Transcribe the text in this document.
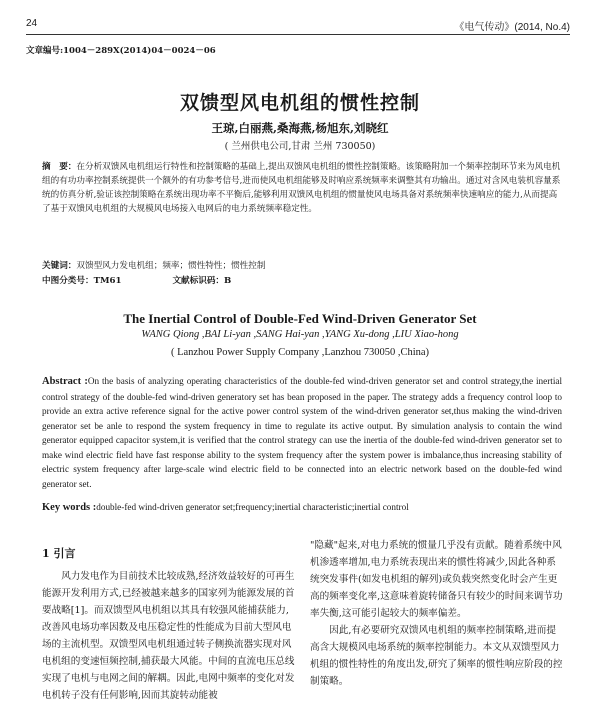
24	《电气传动》(2014, No.4)
文章编号:1004－289X(2014)04－0024－06
双馈型风电机组的惯性控制
王琼,白丽燕,桑海燕,杨旭东,刘晓红
( 兰州供电公司,甘肃 兰州 730050)
摘　要：在分析双馈风电机组运行特性和控制策略的基础上,提出双馈风电机组的惯性控制策略。该策略附加一个频率控制环节来为风电机组的有功功率控制系统提供一个额外的有功参考信号,进而使风电机组能够及时响应系统频率来调整其有功输出。通过对含风电装机容量系统的仿真分析,验证该控制策略在系统出现功率不平衡后,能够利用双馈风电机组的惯量使风电场具备对系统频率快速响应的能力,从而提高了基于双馈风电机组的大规模风电场接入电网后的电力系统频率稳定性。
关键词：双馈型风力发电机组；频率；惯性特性；惯性控制
中图分类号：TM61	文献标识码：B
The Inertial Control of Double-Fed Wind-Driven Generator Set
WANG Qiong ,BAI Li-yan ,SANG Hai-yan ,YANG Xu-dong ,LIU Xiao-hong
( Lanzhou Power Supply Company ,Lanzhou 730050 ,China)
Abstract :On the basis of analyzing operating characteristics of the double-fed wind-driven generator set and control strategy,the inertial control strategy of the double-fed wind-driven generatory set has bean proposed in the paper. The strategy adds a frequency control loop to provide an extra active reference signal for the active power control system of the wind-driven generator set,thus making the wind-driven generator set be anle to respond the system frequency in time to regulate its active output. By simulation analysis to contain the wind generator equipped capacitor system,it is verified that the control strategy can use the inertia of the double-fed wind-driven generator set to make wind electric field have fast response ability to the system frequency after the system power is imbalance,thus increasing stability of electric system frequency after large-scale wind electric field to be connected into an electric network based on the double-fed wind generator set.
Key words :double-fed wind-driven generator set;frequency;inertial characteristic;inertial control
1 引言

风力发电作为目前技术比较成熟,经济效益较好的可再生能源开发利用方式,已经被越来越多的国家列为能源发展的首要战略[1]。而双馈型风电机组以其具有较强风能捕获能力,改善风电场功率因数及电压稳定性的性能成为目前大型风电场的主流机型。双馈型风电机组通过转子侧换流器实现对风电机组的变速恒频控制,捕获最大风能。中间的直流电压总线实现了电机与电网之间的解耦。因此,电网中频率的变化对发电机转子没有任何影响,因而其旋转动能被

"隐藏"起来,对电力系统的惯量几乎没有贡献。随着系统中风机渗透率增加,电力系统表现出来的惯性将减少,因此各种系统突发事件(如发电机组的解列)或负载突然变化时会产生更高的频率变化率,这意味着旋转储备只有较少的时间来调节功率失衡,这可能引起较大的频率偏差。

因此,有必要研究双馈风电机组的频率控制策略,进而提高含大规模风电场系统的频率控制能力。本文从双馈型风力机组的惯性特性的角度出发,研究了频率的惯性响应阶段的控制策略。
